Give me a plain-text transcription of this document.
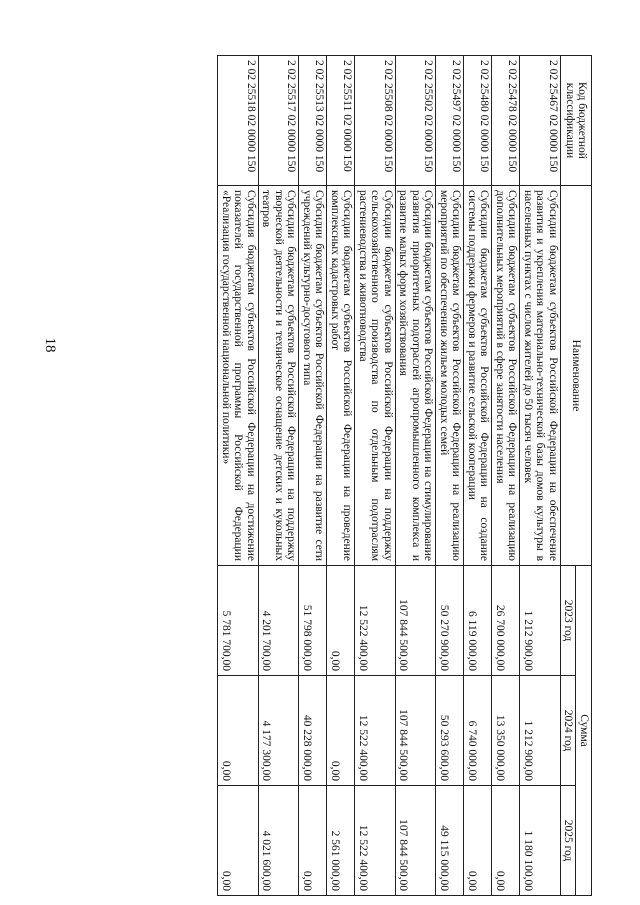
18
Код бюджетной классификации	Наименование	Сумма		
		2023 год	2024 год	2025 год
2 02 25467 02 0000 150	Субсидии бюджетам субъектов Российской Федерации на обеспечение развития и укрепления материально-технической базы домов культуры в населенных пунктах с числом жителей до 50 тысяч человек	1 212 900,00	1 212 900,00	1 180 100,00
2 02 25478 02 0000 150	Субсидии бюджетам субъектов Российской Федерации на реализацию дополнительных мероприятий в сфере занятости населения	26 700 000,00	13 350 000,00	0,00
2 02 25480 02 0000 150	Субсидии бюджетам субъектов Российской Федерации на создание системы поддержки фермеров и развитие сельской кооперации	6 119 000,00	6 740 000,00	0,00
2 02 25497 02 0000 150	Субсидии бюджетам субъектов Российской Федерации на реализацию мероприятий по обеспечению жильем молодых семей	50 270 900,00	50 293 600,00	49 115 000,00
2 02 25502 02 0000 150	Субсидии бюджетам субъектов Российской Федерации на стимулирование развития приоритетных подотраслей агропромышленного комплекса и развитие малых форм хозяйствования	107 844 500,00	107 844 500,00	107 844 500,00
2 02 25508 02 0000 150	Субсидии бюджетам субъектов Российской Федерации на поддержку сельскохозяйственного производства по отдельным подотраслям растениеводства и животноводства	12 522 400,00	12 522 400,00	12 522 400,00
2 02 25511 02 0000 150	Субсидии бюджетам субъектов Российской Федерации на проведение комплексных кадастровых работ	0,00	0,00	2 561 000,00
2 02 25513 02 0000 150	Субсидии бюджетам субъектов Российской Федерации на развитие сети учреждений культурно-досугового типа	51 798 000,00	40 228 000,00	0,00
2 02 25517 02 0000 150	Субсидии бюджетам субъектов Российской Федерации на поддержку творческой деятельности и техническое оснащение детских и кукольных театров	4 201 700,00	4 177 300,00	4 021 600,00
2 02 25518 02 0000 150	Субсидия бюджетам субъектов Российской Федерации на достижение показателей государственной программы Российской Федерации «Реализация государственной национальной политики»	5 781 700,00	0,00	0,00
